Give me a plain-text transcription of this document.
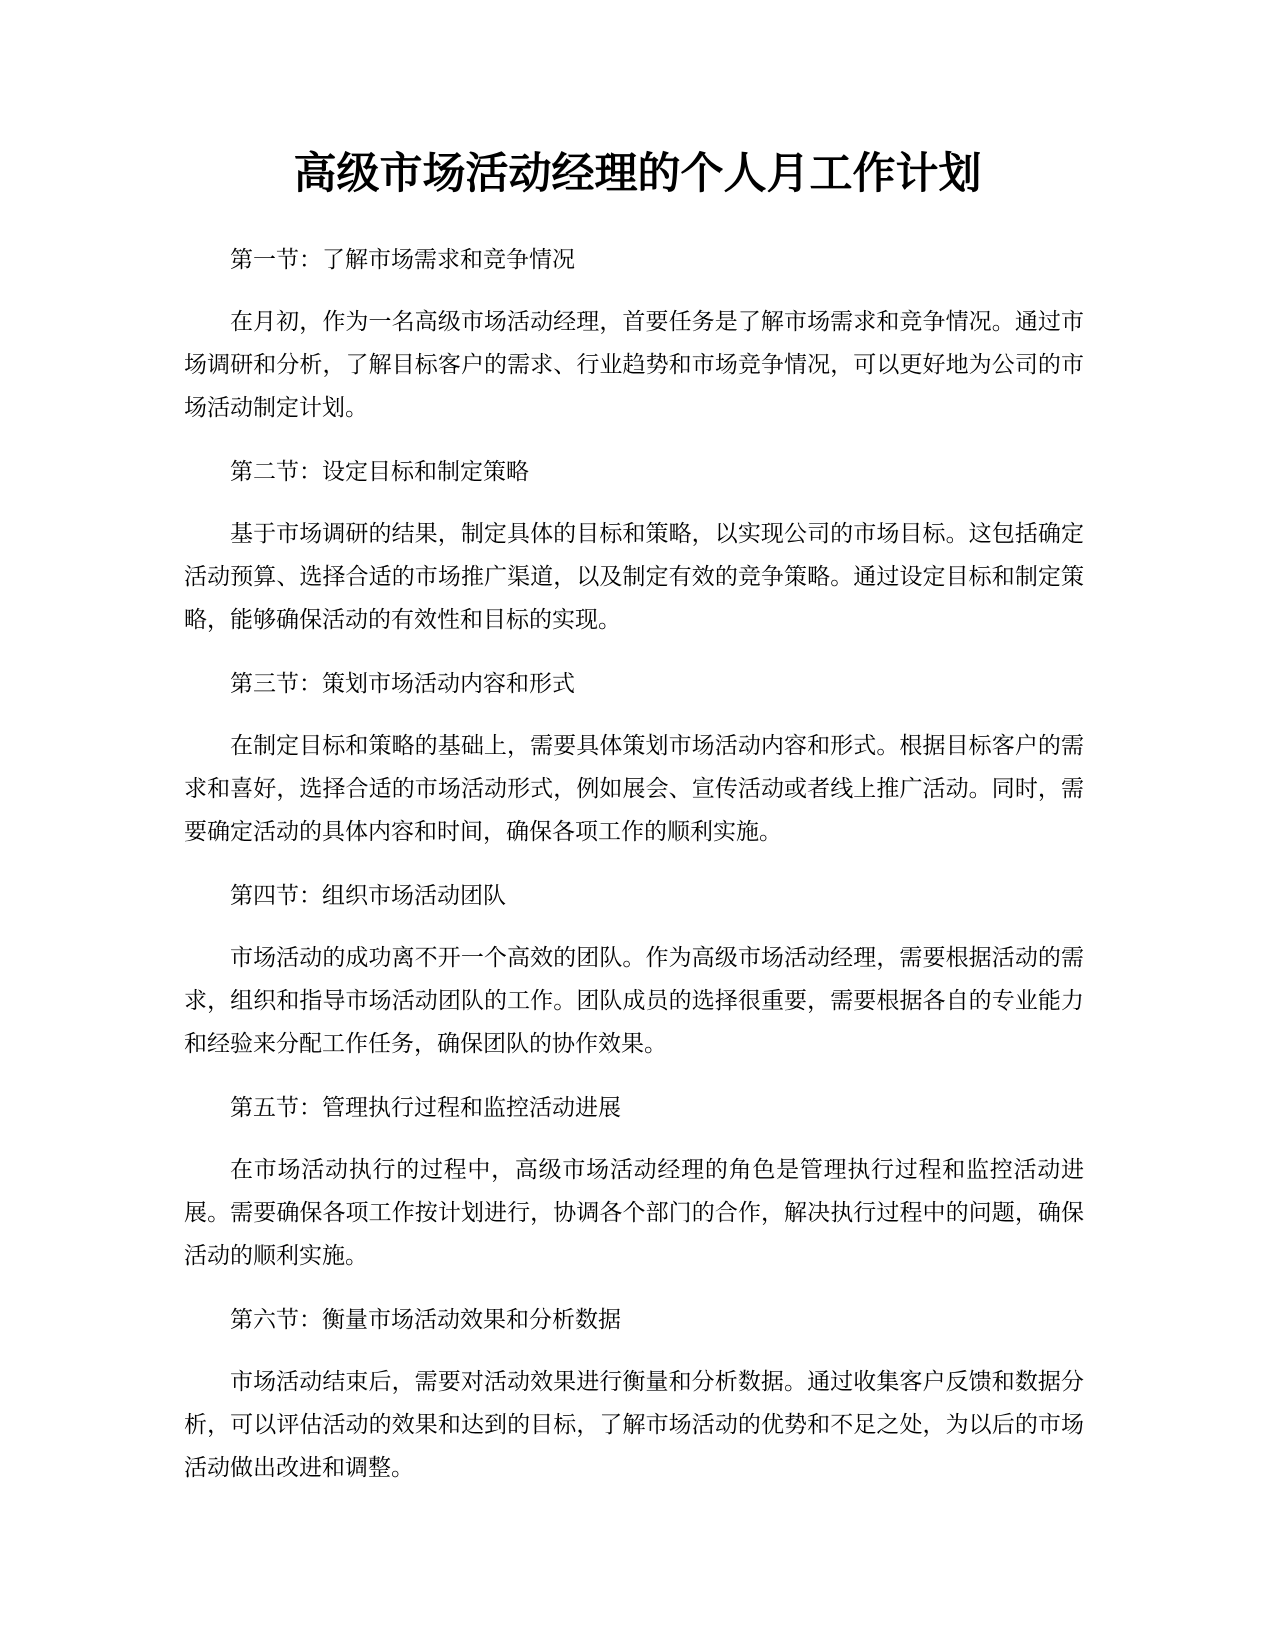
高级市场活动经理的个人月工作计划

第一节：了解市场需求和竞争情况

在月初，作为一名高级市场活动经理，首要任务是了解市场需求和竞争情况。通过市场调研和分析，了解目标客户的需求、行业趋势和市场竞争情况，可以更好地为公司的市场活动制定计划。

第二节：设定目标和制定策略

基于市场调研的结果，制定具体的目标和策略，以实现公司的市场目标。这包括确定活动预算、选择合适的市场推广渠道，以及制定有效的竞争策略。通过设定目标和制定策略，能够确保活动的有效性和目标的实现。

第三节：策划市场活动内容和形式

在制定目标和策略的基础上，需要具体策划市场活动内容和形式。根据目标客户的需求和喜好，选择合适的市场活动形式，例如展会、宣传活动或者线上推广活动。同时，需要确定活动的具体内容和时间，确保各项工作的顺利实施。

第四节：组织市场活动团队

市场活动的成功离不开一个高效的团队。作为高级市场活动经理，需要根据活动的需求，组织和指导市场活动团队的工作。团队成员的选择很重要，需要根据各自的专业能力和经验来分配工作任务，确保团队的协作效果。

第五节：管理执行过程和监控活动进展

在市场活动执行的过程中，高级市场活动经理的角色是管理执行过程和监控活动进展。需要确保各项工作按计划进行，协调各个部门的合作，解决执行过程中的问题，确保活动的顺利实施。

第六节：衡量市场活动效果和分析数据

市场活动结束后，需要对活动效果进行衡量和分析数据。通过收集客户反馈和数据分析，可以评估活动的效果和达到的目标，了解市场活动的优势和不足之处，为以后的市场活动做出改进和调整。
